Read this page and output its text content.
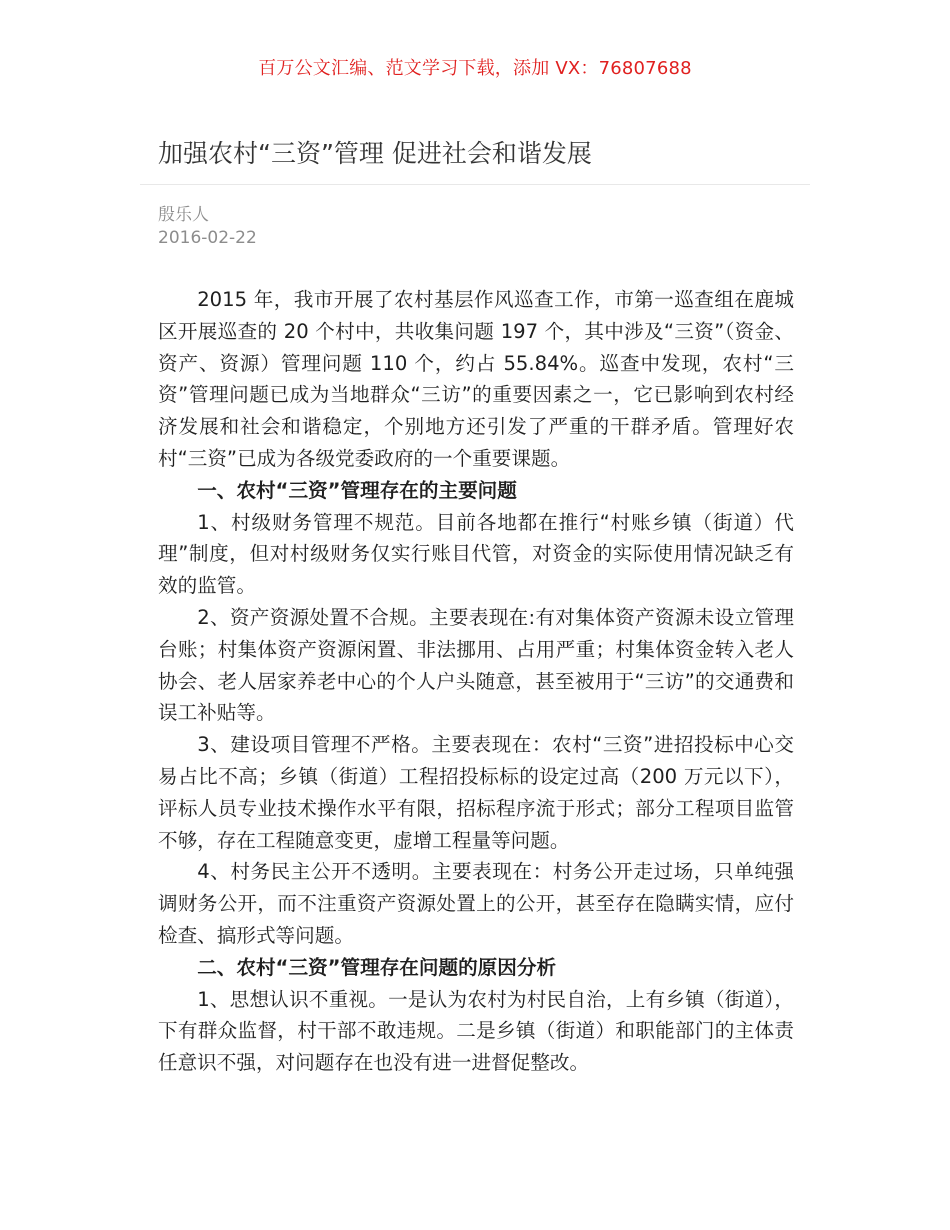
百万公文汇编、范文学习下载，添加 VX：76807688
加强农村“三资”管理 促进社会和谐发展
殷乐人
2016-02-22

2015 年，我市开展了农村基层作风巡查工作，市第一巡查组在鹿城区开展巡查的 20 个村中，共收集问题 197 个，其中涉及“三资”（资金、资产、资源）管理问题 110 个，约占 55.84%。巡查中发现，农村“三资”管理问题已成为当地群众“三访”的重要因素之一，它已影响到农村经济发展和社会和谐稳定，个别地方还引发了严重的干群矛盾。管理好农村“三资”已成为各级党委政府的一个重要课题。

一、农村“三资”管理存在的主要问题

1、村级财务管理不规范。目前各地都在推行“村账乡镇（街道）代理”制度，但对村级财务仅实行账目代管，对资金的实际使用情况缺乏有效的监管。

2、资产资源处置不合规。主要表现在:有对集体资产资源未设立管理台账；村集体资产资源闲置、非法挪用、占用严重；村集体资金转入老人协会、老人居家养老中心的个人户头随意，甚至被用于“三访”的交通费和误工补贴等。

3、建设项目管理不严格。主要表现在：农村“三资”进招投标中心交易占比不高；乡镇（街道）工程招投标标的设定过高（200 万元以下），评标人员专业技术操作水平有限，招标程序流于形式；部分工程项目监管不够，存在工程随意变更，虚增工程量等问题。

4、村务民主公开不透明。主要表现在：村务公开走过场，只单纯强调财务公开，而不注重资产资源处置上的公开，甚至存在隐瞒实情，应付检查、搞形式等问题。

二、农村“三资”管理存在问题的原因分析

1、思想认识不重视。一是认为农村为村民自治，上有乡镇（街道），下有群众监督，村干部不敢违规。二是乡镇（街道）和职能部门的主体责任意识不强，对问题存在也没有进一进督促整改。
